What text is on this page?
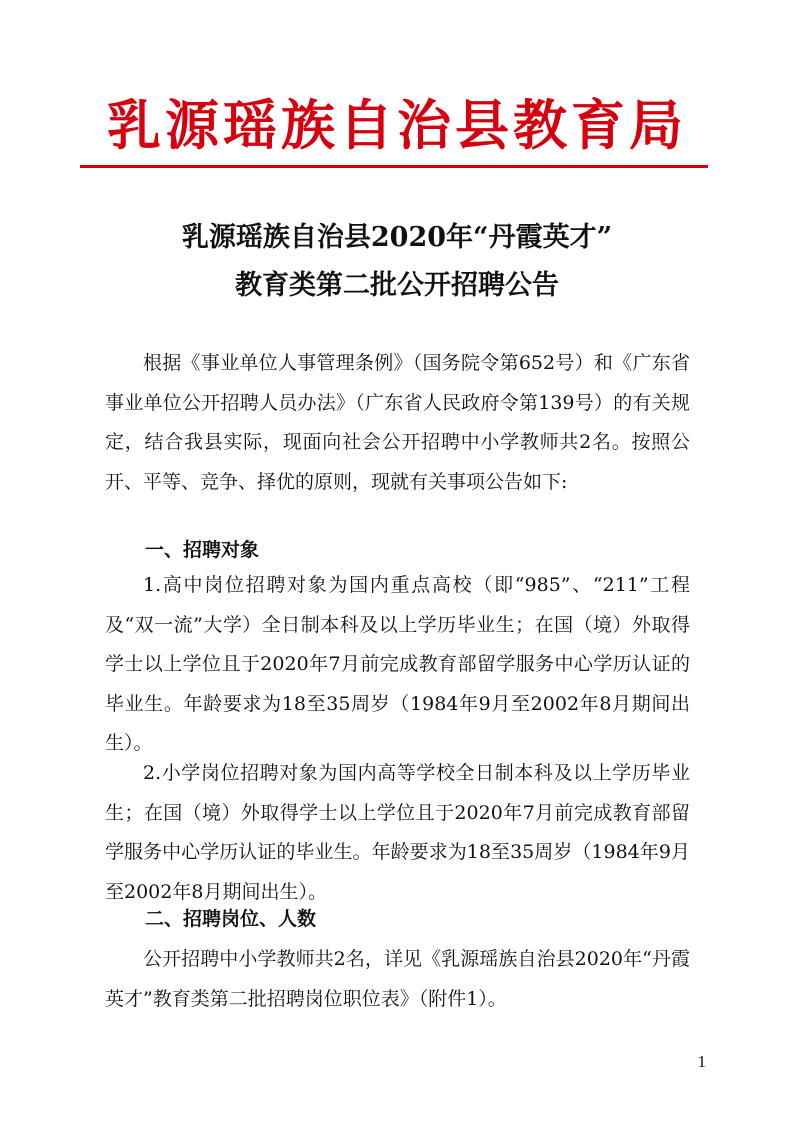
乳源瑶族自治县教育局
乳源瑶族自治县2020年“丹霞英才”
教育类第二批公开招聘公告

根据《事业单位人事管理条例》（国务院令第652号）和《广东省事业单位公开招聘人员办法》（广东省人民政府令第139号）的有关规定，结合我县实际，现面向社会公开招聘中小学教师共2名。按照公开、平等、竞争、择优的原则，现就有关事项公告如下:

一、招聘对象

1.高中岗位招聘对象为国内重点高校（即“985”、“211”工程及“双一流”大学）全日制本科及以上学历毕业生；在国（境）外取得学士以上学位且于2020年7月前完成教育部留学服务中心学历认证的毕业生。年龄要求为18至35周岁（1984年9月至2002年8月期间出生）。

2.小学岗位招聘对象为国内高等学校全日制本科及以上学历毕业生；在国（境）外取得学士以上学位且于2020年7月前完成教育部留学服务中心学历认证的毕业生。年龄要求为18至35周岁（1984年9月至2002年8月期间出生）。

二、招聘岗位、人数

公开招聘中小学教师共2名，详见《乳源瑶族自治县2020年“丹霞英才”教育类第二批招聘岗位职位表》（附件1）。

1
